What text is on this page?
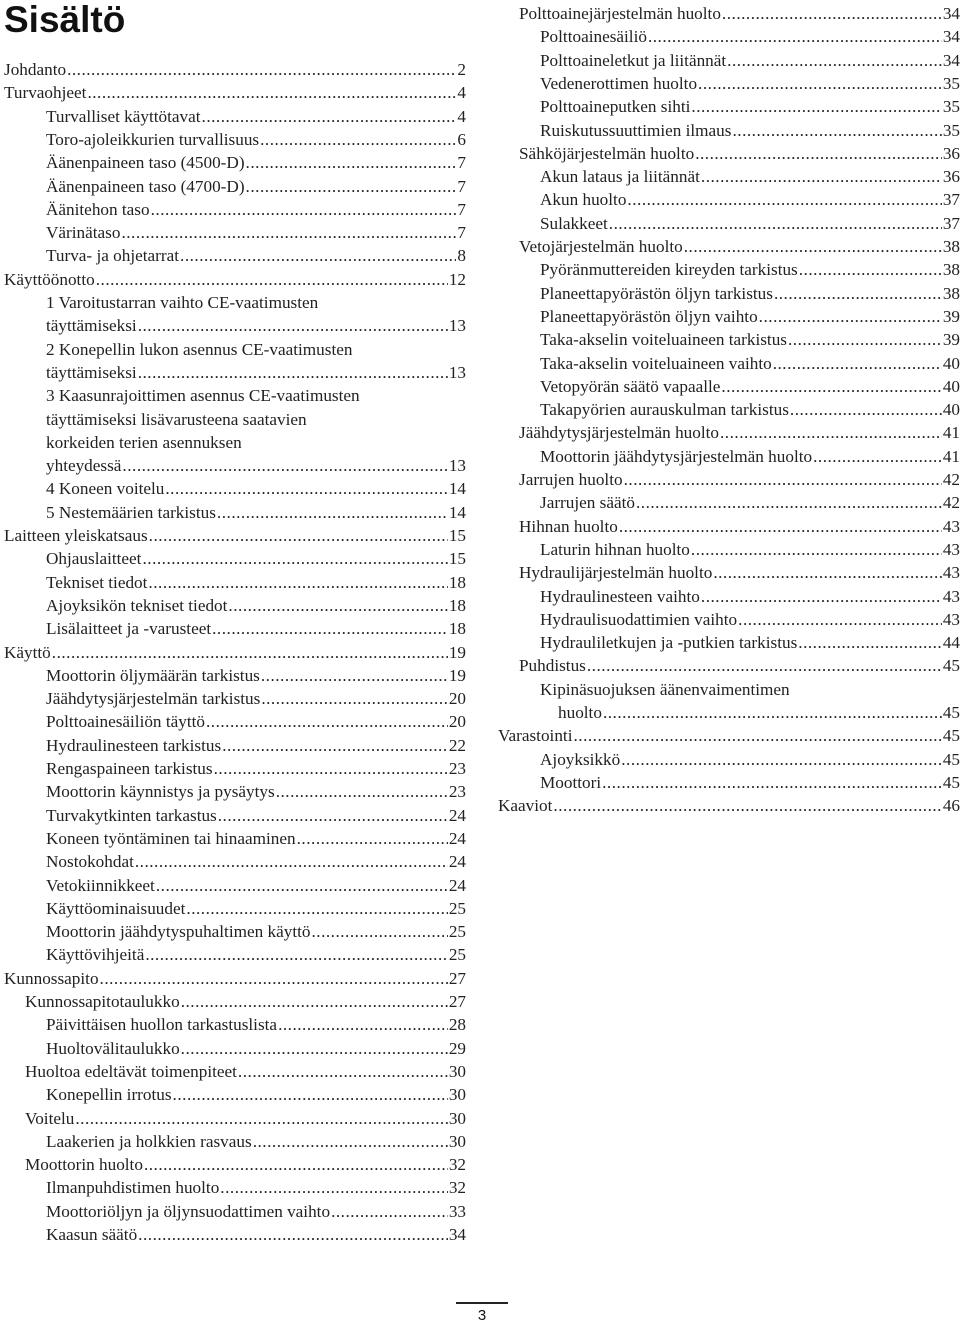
Sisältö
Johdanto .....	2
Turvaohjeet .....	4
Turvalliset käyttötavat .....	4
Toro-ajoleikkurien turvallisuus .....	6
Äänenpaineen taso (4500-D) .....	7
Äänenpaineen taso (4700-D) .....	7
Äänitehon taso .....	7
Värinätaso .....	7
Turva- ja ohjetarrat .....	8
Käyttöönotto .....	12
1 Varoitustarran vaihto CE-vaatimusten
täyttämiseksi .....	13
2 Konepellin lukon asennus CE-vaatimusten
täyttämiseksi .....	13
3 Kaasunrajoittimen asennus CE-vaatimusten
täyttämiseksi lisävarusteena saatavien
korkeiden terien asennuksen
yhteydessä .....	13
4 Koneen voitelu .....	14
5 Nestemäärien tarkistus .....	14
Laitteen yleiskatsaus .....	15
Ohjauslaitteet .....	15
Tekniset tiedot .....	18
Ajoyksikön tekniset tiedot .....	18
Lisälaitteet ja -varusteet .....	18
Käyttö .....	19
Moottorin öljymäärän tarkistus .....	19
Jäähdytysjärjestelmän tarkistus .....	20
Polttoainesäiliön täyttö .....	20
Hydraulinesteen tarkistus .....	22
Rengaspaineen tarkistus .....	23
Moottorin käynnistys ja pysäytys .....	23
Turvakytkinten tarkastus .....	24
Koneen työntäminen tai hinaaminen .....	24
Nostokohdat .....	24
Vetokiinnikkeet .....	24
Käyttöominaisuudet .....	25
Moottorin jäähdytyspuhaltimen käyttö .....	25
Käyttövihjeitä .....	25
Kunnossapito .....	27
Kunnossapitotaulukko .....	27
Päivittäisen huollon tarkastuslista .....	28
Huoltovälitaulukko .....	29
Huoltoa edeltävät toimenpiteet .....	30
Konepellin irrotus .....	30
Voitelu .....	30
Laakerien ja holkkien rasvaus .....	30
Moottorin huolto .....	32
Ilmanpuhdistimen huolto .....	32
Moottoriöljyn ja öljynsuodattimen vaihto .....	33
Kaasun säätö .....	34
Polttoainejärjestelmän huolto .....	34
Polttoainesäiliö .....	34
Polttoaineletkut ja liitännät .....	34
Vedenerottimen huolto .....	35
Polttoaineputken sihti .....	35
Ruiskutussuuttimien ilmaus .....	35
Sähköjärjestelmän huolto .....	36
Akun lataus ja liitännät .....	36
Akun huolto .....	37
Sulakkeet .....	37
Vetojärjestelmän huolto .....	38
Pyöränmuttereiden kireyden tarkistus .....	38
Planeettapyörästön öljyn tarkistus .....	38
Planeettapyörästön öljyn vaihto .....	39
Taka-akselin voiteluaineen tarkistus .....	39
Taka-akselin voiteluaineen vaihto .....	40
Vetopyörän säätö vapaalle .....	40
Takapyörien aurauskulman tarkistus .....	40
Jäähdytysjärjestelmän huolto .....	41
Moottorin jäähdytysjärjestelmän huolto .....	41
Jarrujen huolto .....	42
Jarrujen säätö .....	42
Hihnan huolto .....	43
Laturin hihnan huolto .....	43
Hydraulijärjestelmän huolto .....	43
Hydraulinesteen vaihto .....	43
Hydraulisuodattimien vaihto .....	43
Hydrauliletkujen ja -putkien tarkistus .....	44
Puhdistus .....	45
Kipinäsuojuksen äänenvaimentimen
huolto .....	45
Varastointi .....	45
Ajoyksikkö .....	45
Moottori .....	45
Kaaviot .....	46
3
